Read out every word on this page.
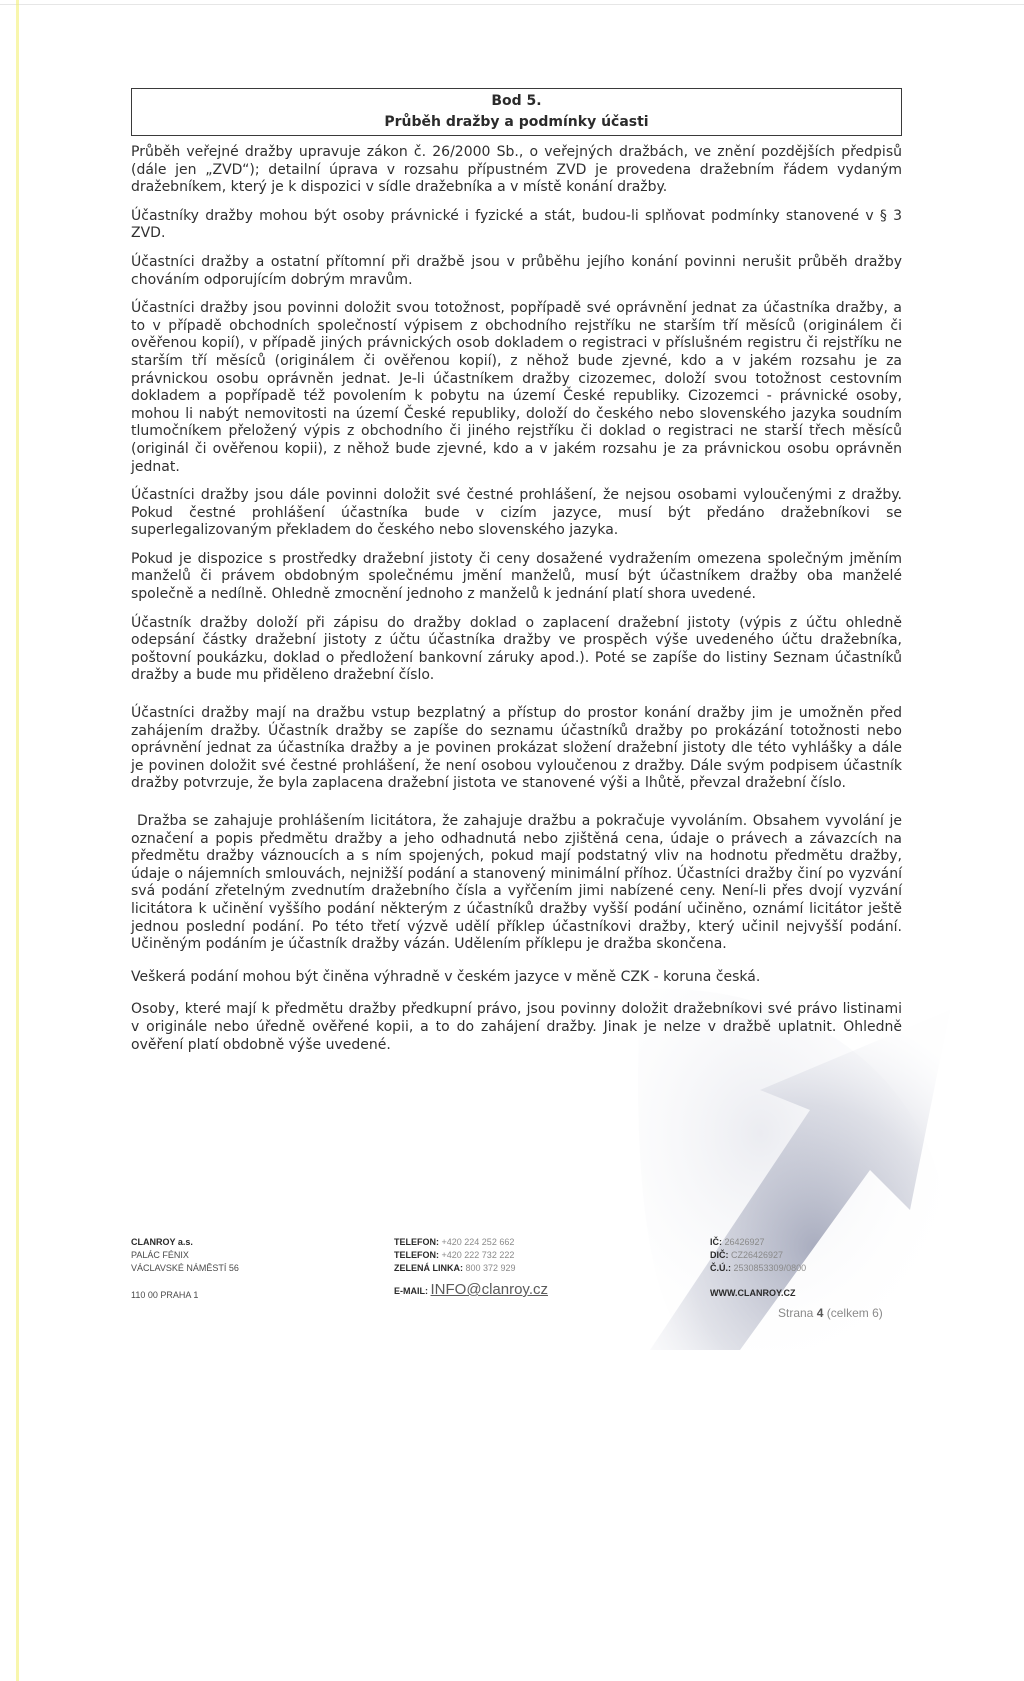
Bod 5.
Průběh dražby a podmínky účasti

Průběh veřejné dražby upravuje zákon č. 26/2000 Sb., o veřejných dražbách, ve znění pozdějších předpisů (dále jen „ZVD“); detailní úprava v rozsahu přípustném ZVD je provedena dražebním řádem vydaným dražebníkem, který je k dispozici v sídle dražebníka a v místě konání dražby.

Účastníky dražby mohou být osoby právnické i fyzické a stát, budou-li splňovat podmínky stanovené v § 3 ZVD.

Účastníci dražby a ostatní přítomní při dražbě jsou v průběhu jejího konání povinni nerušit průběh dražby chováním odporujícím dobrým mravům.

Účastníci dražby jsou povinni doložit svou totožnost, popřípadě své oprávnění jednat za účastníka dražby, a to v případě obchodních společností výpisem z obchodního rejstříku ne starším tří měsíců (originálem či ověřenou kopií), v případě jiných právnických osob dokladem o registraci v příslušném registru či rejstříku ne starším tří měsíců (originálem či ověřenou kopií), z něhož bude zjevné, kdo a v jakém rozsahu je za právnickou osobu oprávněn jednat. Je-li účastníkem dražby cizozemec, doloží svou totožnost cestovním dokladem a popřípadě též povolením k pobytu na území České republiky. Cizozemci - právnické osoby, mohou li nabýt nemovitosti na území České republiky, doloží do českého nebo slovenského jazyka soudním tlumočníkem přeložený výpis z obchodního či jiného rejstříku či doklad o registraci ne starší třech měsíců (originál či ověřenou kopii), z něhož bude zjevné, kdo a v jakém rozsahu je za právnickou osobu oprávněn jednat.

Účastníci dražby jsou dále povinni doložit své čestné prohlášení, že nejsou osobami vyloučenými z dražby. Pokud čestné prohlášení účastníka bude v cizím jazyce, musí být předáno dražebníkovi se superlegalizovaným překladem do českého nebo slovenského jazyka.

Pokud je dispozice s prostředky dražební jistoty či ceny dosažené vydražením omezena společným jměním manželů či právem obdobným společnému jmění manželů, musí být účastníkem dražby oba manželé společně a nedílně. Ohledně zmocnění jednoho z manželů k jednání platí shora uvedené.

Účastník dražby doloží při zápisu do dražby doklad o zaplacení dražební jistoty (výpis z účtu ohledně odepsání částky dražební jistoty z účtu účastníka dražby ve prospěch výše uvedeného účtu dražebníka, poštovní poukázku, doklad o předložení bankovní záruky apod.). Poté se zapíše do listiny Seznam účastníků dražby a bude mu přiděleno dražební číslo.

Účastníci dražby mají na dražbu vstup bezplatný a přístup do prostor konání dražby jim je umožněn před zahájením dražby. Účastník dražby se zapíše do seznamu účastníků dražby po prokázání totožnosti nebo oprávnění jednat za účastníka dražby a je povinen prokázat složení dražební jistoty dle této vyhlášky a dále je povinen doložit své čestné prohlášení, že není osobou vyloučenou z dražby. Dále svým podpisem účastník dražby potvrzuje, že byla zaplacena dražební jistota ve stanovené výši a lhůtě, převzal dražební číslo.

Dražba se zahajuje prohlášením licitátora, že zahajuje dražbu a pokračuje vyvoláním. Obsahem vyvolání je označení a popis předmětu dražby a jeho odhadnutá nebo zjištěná cena, údaje o právech a závazcích na předmětu dražby váznoucích a s ním spojených, pokud mají podstatný vliv na hodnotu předmětu dražby, údaje o nájemních smlouvách, nejnižší podání a stanovený minimální příhoz. Účastníci dražby činí po vyzvání svá podání zřetelným zvednutím dražebního čísla a vyřčením jimi nabízené ceny. Není-li přes dvojí vyzvání licitátora k učinění vyššího podání některým z účastníků dražby vyšší podání učiněno, oznámí licitátor ještě jednou poslední podání. Po této třetí výzvě udělí příklep účastníkovi dražby, který učinil nejvyšší podání. Učiněným podáním je účastník dražby vázán. Udělením příklepu je dražba skončena.

Veškerá podání mohou být činěna výhradně v českém jazyce v měně CZK - koruna česká.

Osoby, které mají k předmětu dražby předkupní právo, jsou povinny doložit dražebníkovi své právo listinami v originále nebo úředně ověřené kopii, a to do zahájení dražby. Jinak je nelze v dražbě uplatnit. Ohledně ověření platí obdobně výše uvedené.

CLANROY a.s.
PALÁC FÉNIX
VÁCLAVSKÉ NÁMĚSTÍ 56
110 00 PRAHA 1
TELEFON: +420 224 252 662
TELEFON: +420 222 732 222
ZELENÁ LINKA: 800 372 929
E-MAIL: INFO@clanroy.cz
IČ: 26426927
DIČ: CZ26426927
Č.Ú.: 2530853309/0800
WWW.CLANROY.CZ
Strana 4 (celkem 6)
